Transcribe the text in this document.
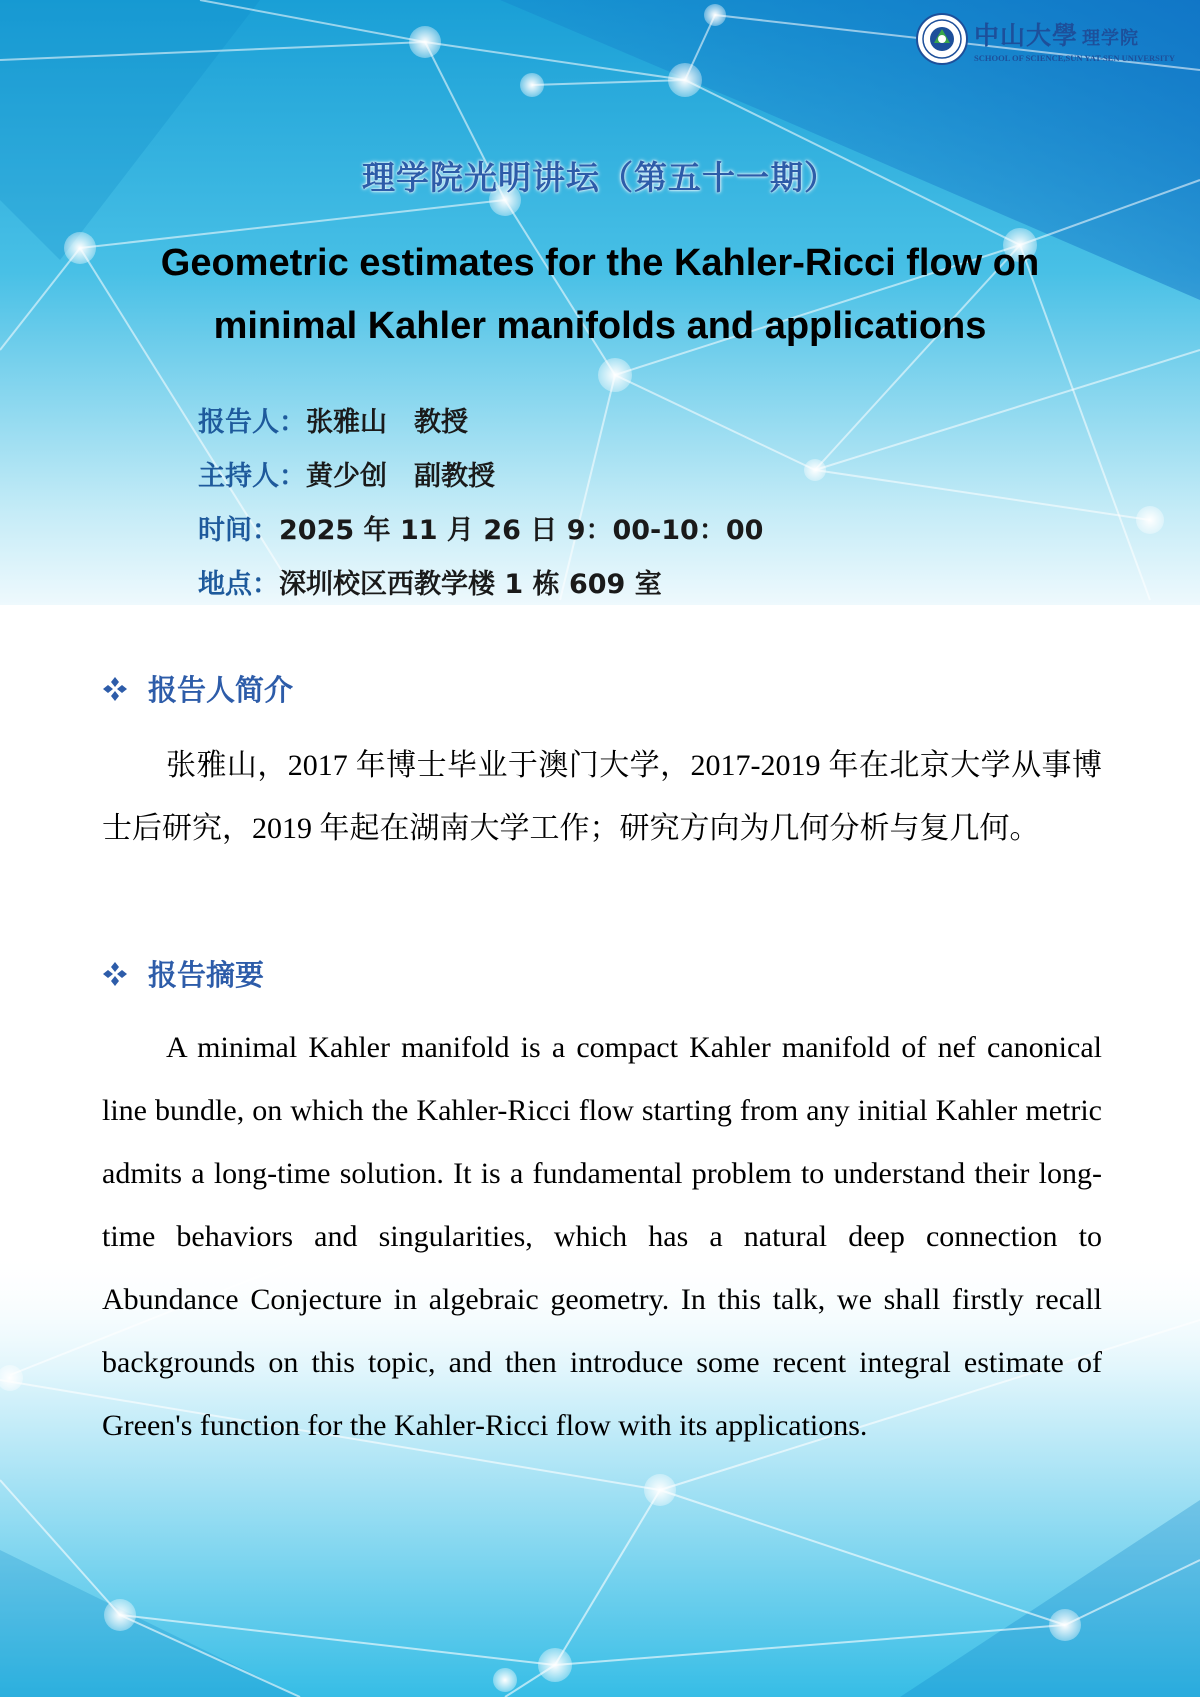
中山大學 理学院
SCHOOL OF SCIENCE,SUN YAT-SEN UNIVERSITY
理学院光明讲坛（第五十一期）
Geometric estimates for the Kahler-Ricci flow on minimal Kahler manifolds and applications
报告人：张雅山　教授
主持人：黄少创　副教授
时间：2025 年 11 月 26 日 9：00-10：00
地点：深圳校区西教学楼 1 栋 609 室
报告人简介
张雅山，2017 年博士毕业于澳门大学，2017-2019 年在北京大学从事博士后研究，2019 年起在湖南大学工作；研究方向为几何分析与复几何。
报告摘要
A minimal Kahler manifold is a compact Kahler manifold of nef canonical line bundle, on which the Kahler-Ricci flow starting from any initial Kahler metric admits a long-time solution. It is a fundamental problem to understand their long-time behaviors and singularities, which has a natural deep connection to Abundance Conjecture in algebraic geometry. In this talk, we shall firstly recall backgrounds on this topic, and then introduce some recent integral estimate of Green's function for the Kahler-Ricci flow with its applications.
